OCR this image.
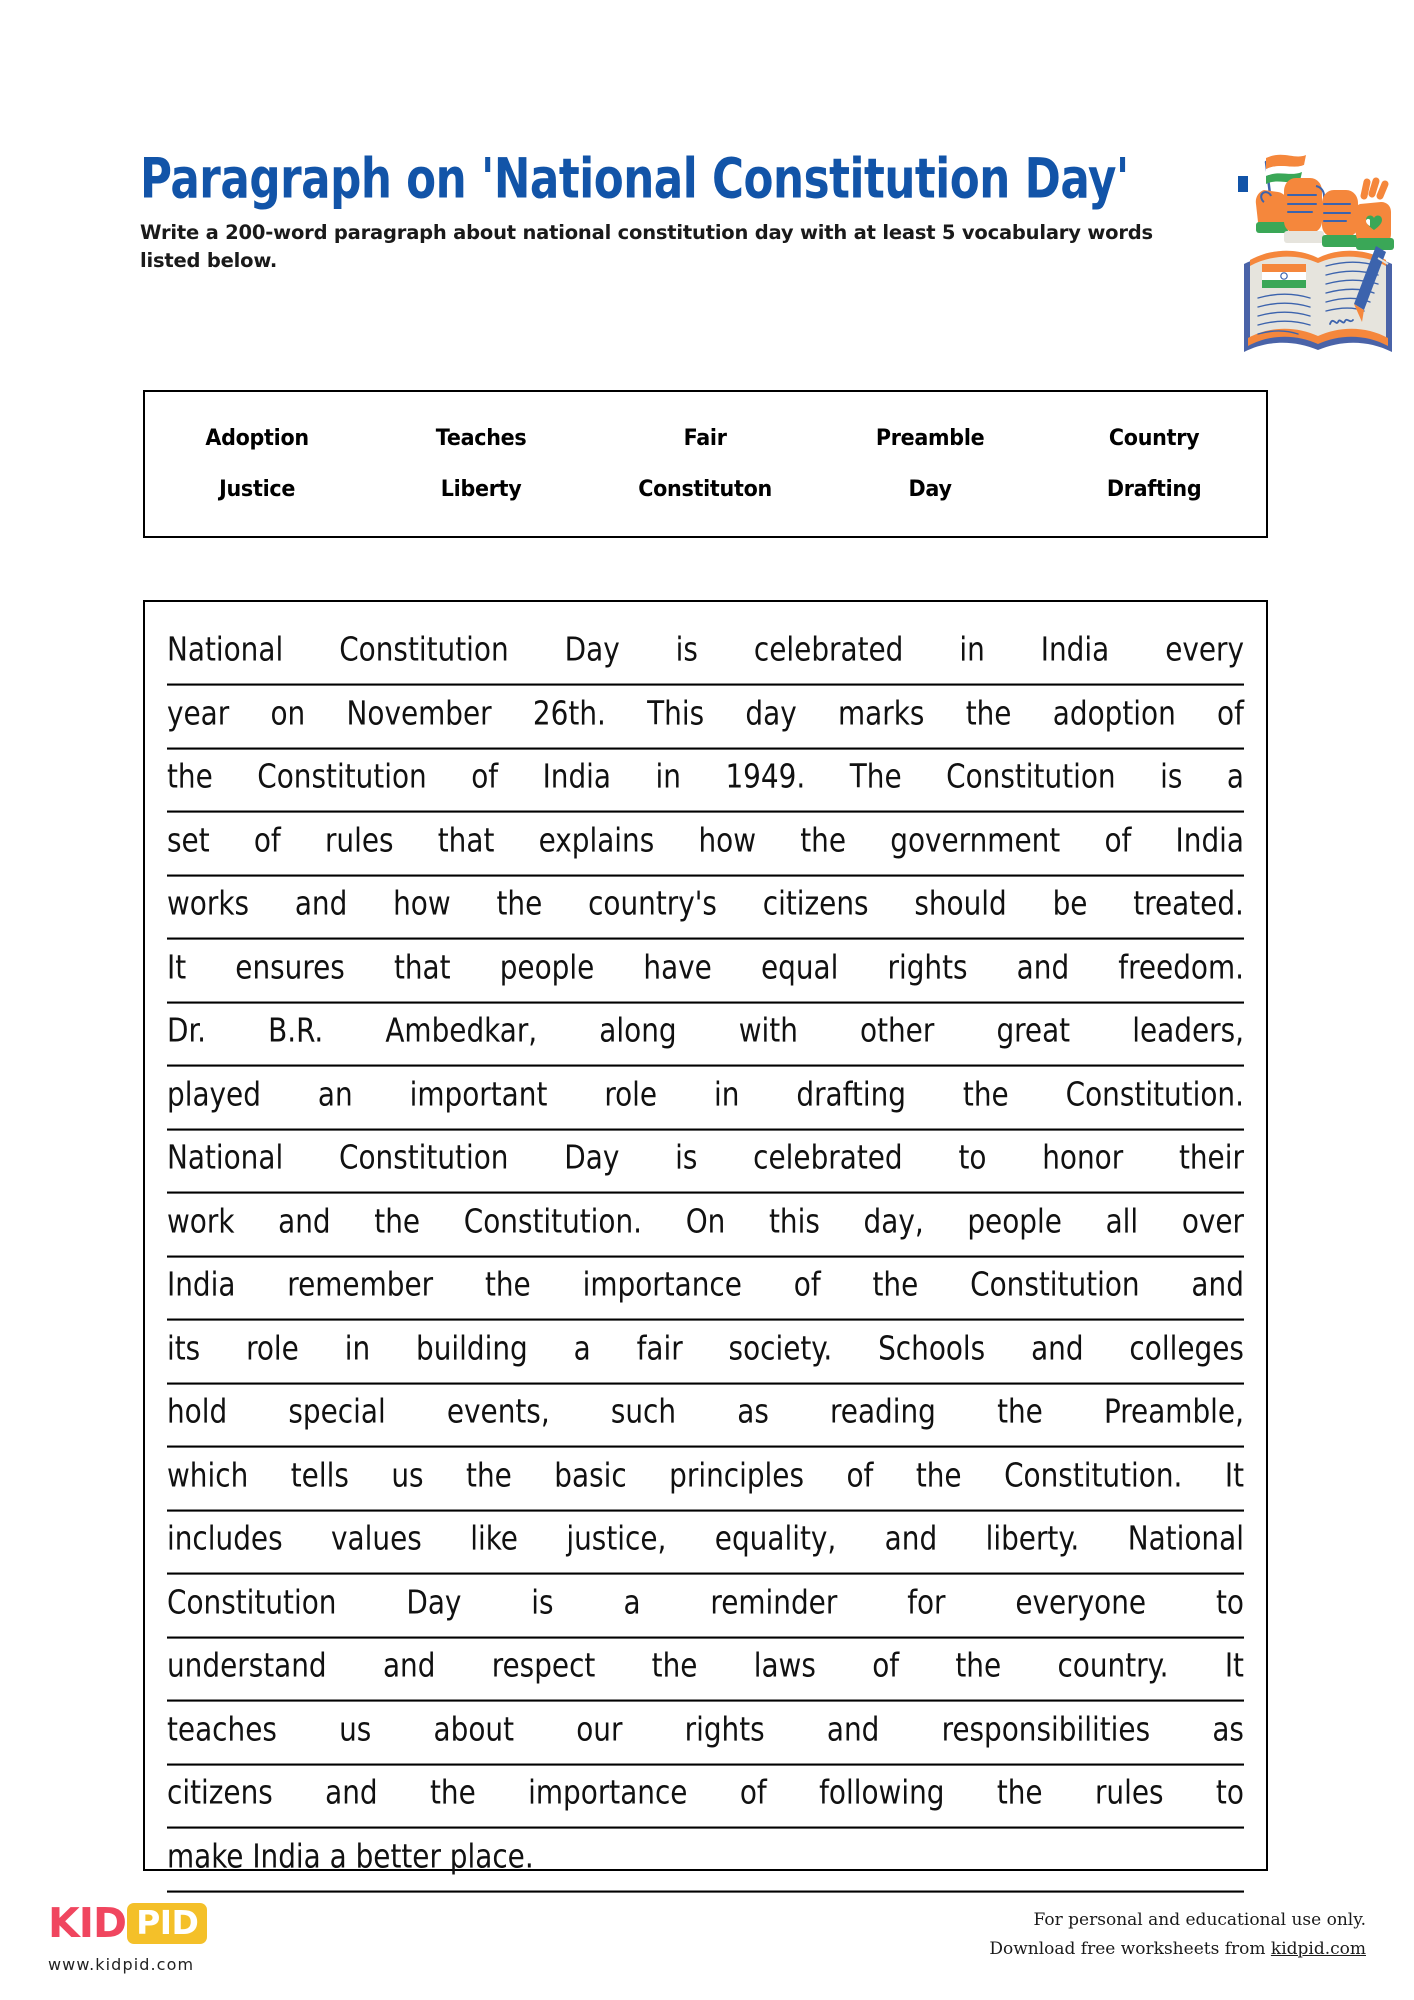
Paragraph on 'National Constitution Day'
Write a 200-word paragraph about national constitution day with at least 5 vocabulary words listed below.
Adoption	Teaches	Fair	Preamble	Country
Justice	Liberty	Constituton	Day	Drafting
National Constitution Day is celebrated in India every
year on November 26th. This day marks the adoption of
the Constitution of India in 1949. The Constitution is a
set of rules that explains how the government of India
works and how the country's citizens should be treated.
It ensures that people have equal rights and freedom.
Dr. B.R. Ambedkar, along with other great leaders,
played an important role in drafting the Constitution.
National Constitution Day is celebrated to honor their
work and the Constitution. On this day, people all over
India remember the importance of the Constitution and
its role in building a fair society. Schools and colleges
hold special events, such as reading the Preamble,
which tells us the basic principles of the Constitution. It
includes values like justice, equality, and liberty. National
Constitution Day is a reminder for everyone to
understand and respect the laws of the country. It
teaches us about our rights and responsibilities as
citizens and the importance of following the rules to
make India a better place.
KID PID
www.kidpid.com
For personal and educational use only.
Download free worksheets from kidpid.com
